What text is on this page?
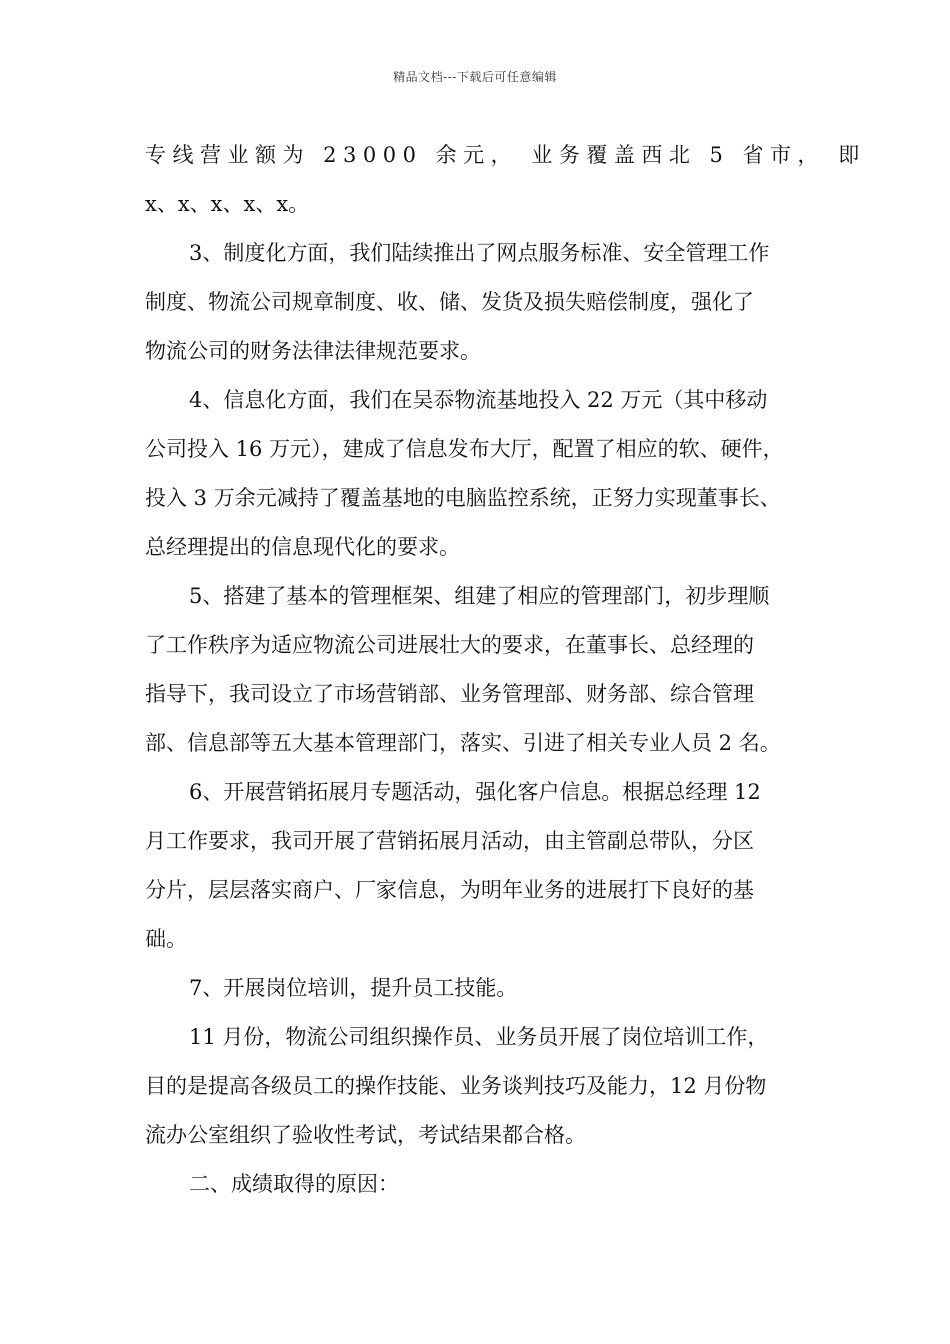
精品文档---下载后可任意编辑
专线营业额为 23000 余元， 业务覆盖西北 5 省市， 即
x、x、x、x、x。
3、制度化方面，我们陆续推出了网点服务标准、安全管理工作
制度、物流公司规章制度、收、储、发货及损失赔偿制度，强化了
物流公司的财务法律法律规范要求。
4、信息化方面，我们在吴忝物流基地投入 22 万元（其中移动
公司投入 16 万元），建成了信息发布大厅，配置了相应的软、硬件，
投入 3 万余元减持了覆盖基地的电脑监控系统，正努力实现董事长、
总经理提出的信息现代化的要求。
5、搭建了基本的管理框架、组建了相应的管理部门，初步理顺
了工作秩序为适应物流公司进展壮大的要求，在董事长、总经理的
指导下，我司设立了市场营销部、业务管理部、财务部、综合管理
部、信息部等五大基本管理部门，落实、引进了相关专业人员 2 名。
6、开展营销拓展月专题活动，强化客户信息。根据总经理 12
月工作要求，我司开展了营销拓展月活动，由主管副总带队，分区
分片，层层落实商户、厂家信息，为明年业务的进展打下良好的基
础。
7、开展岗位培训，提升员工技能。
11 月份，物流公司组织操作员、业务员开展了岗位培训工作，
目的是提高各级员工的操作技能、业务谈判技巧及能力，12 月份物
流办公室组织了验收性考试，考试结果都合格。
二、成绩取得的原因：
